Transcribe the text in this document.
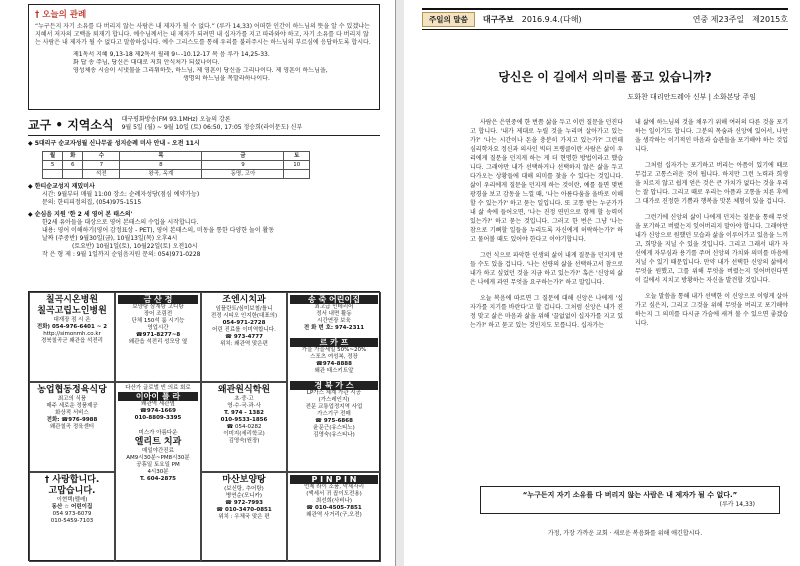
† 오늘의 관례
“누구든지 자기 소유를 다 버리지 않는 사람은 내 제자가 될 수 없다.” (루카 14,33) 어떠한 인간이 하느님의 뜻을 알 수 있겠냐는 지혜서 저자의 고백을 퇴재기 합니다. 예수님께서는 내 제자가 되려면 내 십자가를 지고 따라와야 하고, 자기 소유를 다 버리지 않는 사람은 내 제자가 될 수 없다고 말씀하십니다. 예수 그리스도를 통해 우리를 불러주시는 하느님의 부르심에 응답하도록 합시다.
제1독서 지혜 9,13-18 제2독서 필레 9ㄴ-10.12-17 복 음 루카 14,25-33.
화 답 송 주님, 당신은 대대로 저희 안식처가 되셨나이다.
영성체송 시슴이 시냇물을 그리워하듯, 하느님, 제 영혼이 당신을 그리나이다. 제 영혼이 하느님을,
생명의 하느님을 목말라하나이다.
교구 • 지역소식 대구평화방송(FM 93.1MHz) 오늘의 강론
9월 5일 (월) ~ 9월 10일 (토) 06:50, 17:05 정승희(라이문도) 신부
◆ 5대리구 순교자성월 신나무골 성지순례 미사 안내 - 오전 11시
월	화	수	목	금	토
5	6	7	8	9	10
		석전	왕곡, 옥계	동명, 고아	
◆ 한티순교성지 재밌미사
시간: 9월부터 매월 11:00 장소: 순례자성당(점심 예약가능)
문의: 한티피정의집, (054)975-1515
◆ 순심음 지원 '한 2 세 영어 본 태스의'
한2세 유아들을 대상으로 영어 본태스의 수업을 시작합니다.
내용: 영어 이해하기(영어 감정표상 - PET), 영어 본태스의, 미동을 통한 다양한 놀이 활동
날짜 (주중반) 9월30일(금), 10월13일(목) 오후4시
(토요반) 10월1일(토), 10월22일(토) 오전10시
작 은 형 제 : 9월 1일까지 순임음지원 문의: 054)971-0228
칠곡시온병원
칠곡고립노인병원
대재장 점 시 온
전화) 054-976-6401 ~ 2
http://simonmh.co.kr
경북칠곡군 왜관읍 석전리
금 산 정
보양탕 삼계탕 고디탕
장어 조림전
단체 150석 룸 시기능
영업시간
☎971-8277~8
왜관읍 석전리 성모당 옆
조엔시치과
임플란트/심미보철/틀니
전정 시티오 인지한(대표의)
054-971-2728
어린 진료를 이미역합니다.
☎ 973-4777
위치: 왜관역 맞은편
송 죽 어린이집
최고급 인테리어
정서 내면 활동
시간연장 보육
전 화 번 호: 974-2311
르 카 프
가을 가을세일 50%~20%
스포츠 여성복, 정장
☎974-8888
왜관 태스키트앞
경 북 가 스
LP가스 체계 가관 시공
(가스레인지)
전문 교통업정지역 사업
가스기구 전매
☎ 975-6868
윤문근(유스티노)
김영숙(유스티나)
농업협동정육식당
최고의 식품
매주 세로운 정품제공
화상적 서비스
전화: ☎976-9988
왜관칠곡 정육센터
다산가 글로벌 빈 의료 회로
이아이 플 라
왜관역 세관옆
☎974-1669
010-8809-3395
미스가 아름다운
엘리트 치과
매일야간진료
AM9시30분~PM8시30분
공휴일 토요일 PM
4시30분
T. 604-2875
왜관원식학원
초·중·고
영·수·국·과·사
T. 974 - 1382
010-9533-1856
☎ 054-0282
이미지(세리학교)
김영숙(원장)
† 사랑합니다.
고맙습니다.
이현택(펠레)
동산 ☆ 어린이집
054 973-6079
010-5459-7103
마산보양탕
(보신탕, 추어탕)
병연순(모니카)
☎ 972-7993
☎ 010-3470-0851
위치 : 우체국 맞은 편
P I N P I N
언제 라이 소품, 악세사리
(액세서 귀 꼽이도전용)
최선희(사비나)
☎ 010-4505-7851
왜관역 사거리(구,오전)
주일의 말씀	대구주보 2016.9.4.(다해)	연중 제23주일 제2015호
당신은 이 길에서 의미를 품고 있습니까?
도화찬 대리안드레아 신부 | 소화본당 주임

사람은 은연중에 한 번쯤 삶을 두고 이런 질문을 던진다고 합니다. '내가 제대로 누릴 것을 누리며 살아가고 있는가?' '나는 시간이나 돈을 충분히 가지고 있는가?' 그런데 심리학자요 정신과 의사인 빅터 프랭클이란 사람은 삶이 우리에게 질문을 던지게 하는 게 더 현명한 방법이라고 했습니다. 그래야만 내가 선택하거나 선택하지 않은 삶을 두고 다가오는 상황들에 대해 의미를 찾을 수 있다는 것입니다. 삶이 우리에게 질문을 던지게 하는 것이란, 예를 들면 몇번 광경을 보고 감동을 느낄 때, '나는 아름다움을 올바로 이해할 수 있는가?' 하고 묻는 일입니다. 또 고통 받는 누군가가 내 삶 속에 들어오면, '나는 진정 연민으로 함께 할 능력이 있는가?' 하고 묻는 것입니다. 그러고 한 번은 그냥 '나는 참으로 기뻐할 일들을 누리도록 자신에게 허락하는가?' 하고 물어볼 때도 있어야 한다고 이야기합니다.

그런 식으로 파악한 인생의 삶이 내게 질문을 던지게 만들 수도 있을 겁니다. '나는 선량의 삶을 선택하고서 참으로 내가 하고 싶었던 것을 지금 하고 있는가?' 혹은 '신앙의 삶은 나에게 과연 무엇을 요구하는가?' 하고 말입니다.

오늘 복음에 따르면 그 질문에 대해 신앙은 나에게 '십자가를 지기를 바란다'고 할 겁니다. 그처럼 신앙은 내가 진정 맞고 삶은 마음과 삶을 위해 '끌없없이 십자가를 지고 있는가?' 하고 묻고 있는 것인지도 모릅니다. 십자가는

내 삶에 하느님의 것을 채우기 위해 여러의 다른 것을 포기하는 일이기도 합니다. 그분의 목숨과 신앙에 있어서, 나만을 생각하는 이기적인 마음과 습관들을 포기해야 하는 것입니다.

그처럼 십자가는 포기하고 버리는 아픔이 있기에 때로 무겁고 고통스러운 것이 됩니다. 하지만 그런 노력과 희생을 치르지 않고 쉽게 얻은 것은 큰 가치가 없다는 것을 우리는 잘 압니다. 그리고 때로 우리는 아픔과 고통을 치른 후에 그 대가로 진정한 기쁨과 행복을 맛본 체험이 있을 겁니다.

그런기에 신앙의 삶이 나에게 던지는 질문을 통해 무엇을 포기하고 버렸는지 잊어버리지 말아야 합니다. 그래야만 내가 신앙으로 원했던 모습과 삶을 이루어가고 있음을 느끼고, 희망을 지닐 수 있을 것입니다. 그리고 그래서 내가 자신에게 자부심과 용기를 주며 신앙의 가치와 의미를 마음에 지닐 수 있기 때문입니다. 만약 내가 선택한 신앙의 삶에서 무엇을 원했고, 그를 위해 무엇을 버렸는지 잊어버린다면 이 길에서 지치고 방황하는 자신을 발견할 것입니다.

오늘 말씀을 통해 내가 선택한 이 신앙으로 이렇게 살아가고 싶은지, 그리고 그것을 위해 무엇을 버리고 포기해야 하는지 그 의미를 다시금 가슴에 새겨 볼 수 있으면 좋겠습니다.

“누구든지 자기 소유를 다 버리지 않는 사람은 내 제자가 될 수 없다.”
(루카 14,33)
가정, 가장 가까운 교회 · 새로운 복음화를 위해 애긴합시다.
